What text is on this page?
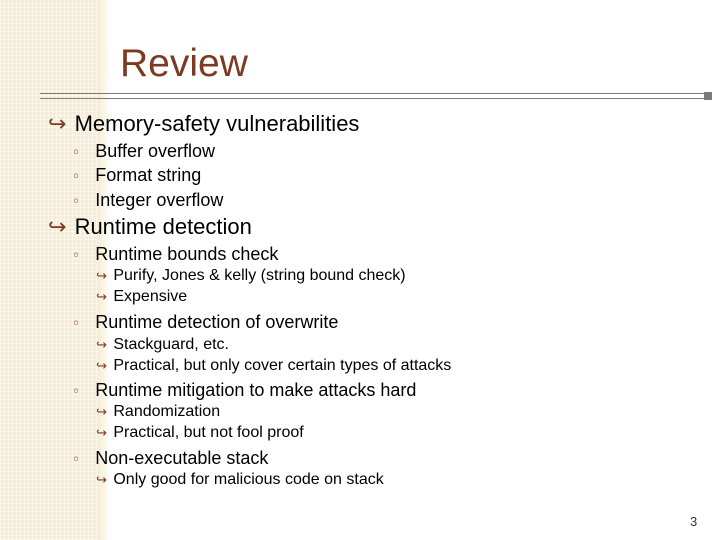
Review
↪ Memory-safety vulnerabilities
◦ Buffer overflow
◦ Format string
◦ Integer overflow
↪ Runtime detection
◦ Runtime bounds check
↪ Purify, Jones & kelly (string bound check)
↪ Expensive
◦ Runtime detection of overwrite
↪ Stackguard, etc.
↪ Practical, but only cover certain types of attacks
◦ Runtime mitigation to make attacks hard
↪ Randomization
↪ Practical, but not fool proof
◦ Non-executable stack
↪ Only good for malicious code on stack
3
